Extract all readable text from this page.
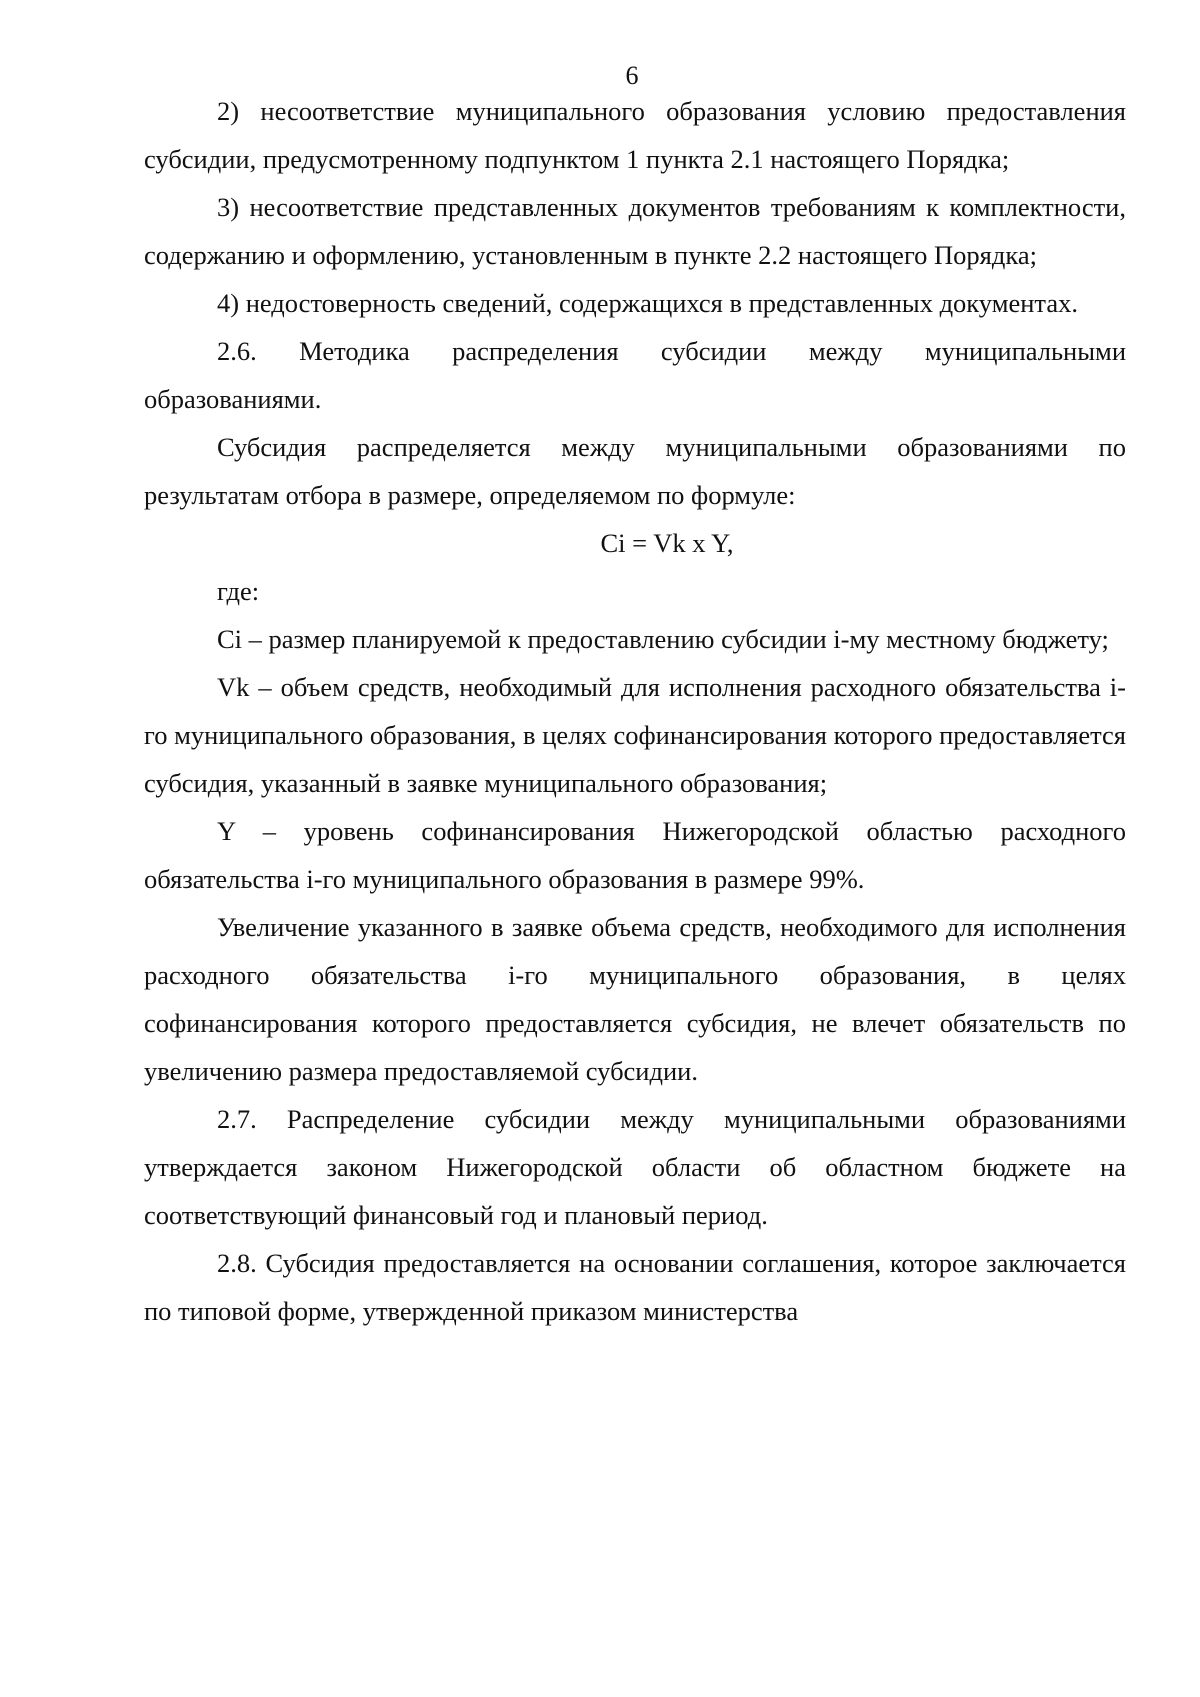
6

2) несоответствие муниципального образования условию предоставления субсидии, предусмотренному подпунктом 1 пункта 2.1 настоящего Порядка;

3) несоответствие представленных документов требованиям к комплектности, содержанию и оформлению, установленным в пункте 2.2 настоящего Порядка;

4) недостоверность сведений, содержащихся в представленных документах.

2.6. Методика распределения субсидии между муниципальными образованиями.

Субсидия распределяется между муниципальными образованиями по результатам отбора в размере, определяемом по формуле:

Ci = Vk x Y,

где:

Ci – размер планируемой к предоставлению субсидии i-му местному бюджету;

Vk – объем средств, необходимый для исполнения расходного обязательства i-го муниципального образования, в целях софинансирования которого предоставляется субсидия, указанный в заявке муниципального образования;

Y – уровень софинансирования Нижегородской областью расходного обязательства i-го муниципального образования в размере 99%.

Увеличение указанного в заявке объема средств, необходимого для исполнения расходного обязательства i-го муниципального образования, в целях софинансирования которого предоставляется субсидия, не влечет обязательств по увеличению размера предоставляемой субсидии.

2.7. Распределение субсидии между муниципальными образованиями утверждается законом Нижегородской области об областном бюджете на соответствующий финансовый год и плановый период.

2.8. Субсидия предоставляется на основании соглашения, которое заключается по типовой форме, утвержденной приказом министерства
